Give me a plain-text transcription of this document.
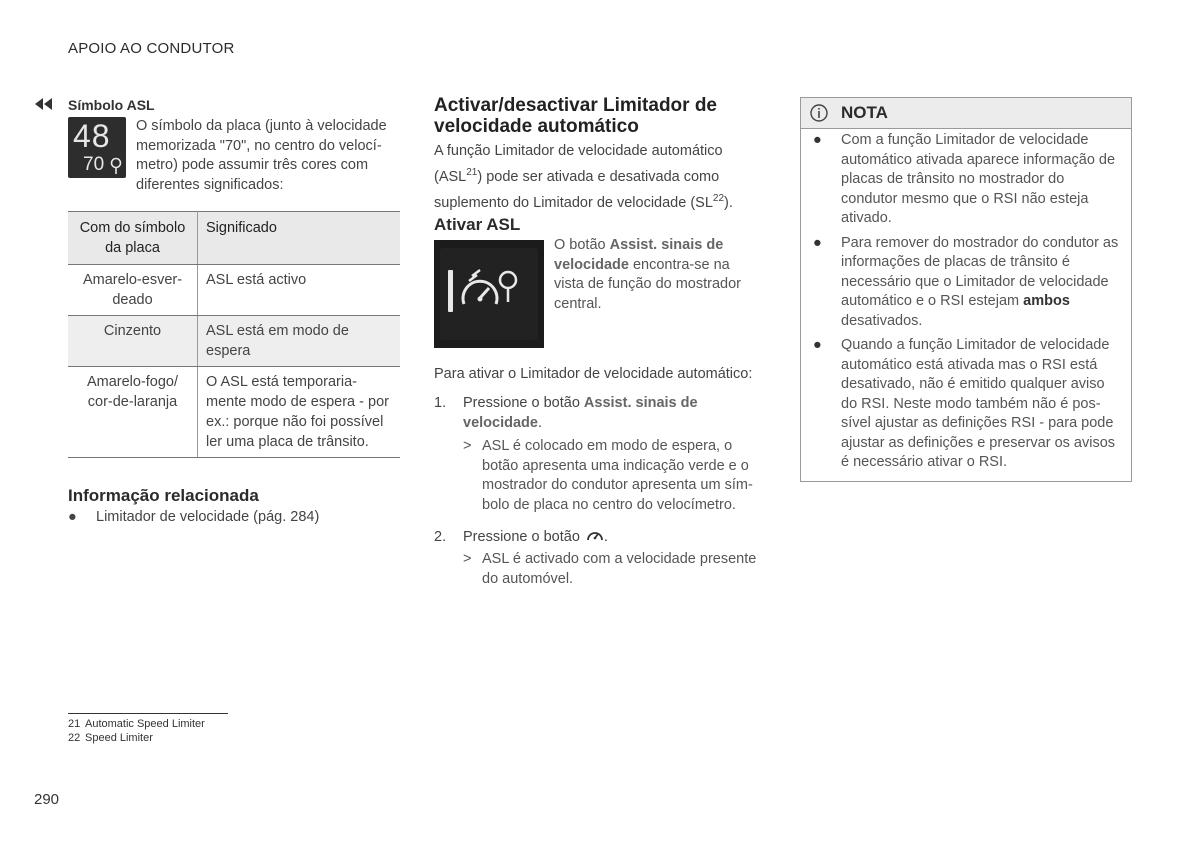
APOIO AO CONDUTOR
Símbolo ASL
48
70
O símbolo da placa (junto à velocidade memorizada "70", no centro do velocímetro) pode assumir três cores com diferentes significados:
Com do símbolo da placa	Significado
Amarelo-esverdeado	ASL está activo
Cinzento	ASL está em modo de espera
Amarelo-fogo/ cor-de-laranja	O ASL está temporariamente modo de espera - por ex.: porque não foi possível ler uma placa de trânsito.
Informação relacionada
● Limitador de velocidade (pág. 284)
Activar/desactivar Limitador de velocidade automático
A função Limitador de velocidade automático (ASL$^{21}$) pode ser ativada e desativada como suplemento do Limitador de velocidade (SL$^{22}$).
Ativar ASL
O botão Assist. sinais de velocidade encontra-se na vista de função do mostrador central.
Para ativar o Limitador de velocidade automático:
1. Pressione o botão Assist. sinais de velocidade.
> ASL é colocado em modo de espera, o botão apresenta uma indicação verde e o mostrador do condutor apresenta um símbolo de placa no centro do velocímetro.
2. Pressione o botão .
> ASL é activado com a velocidade presente do automóvel.
NOTA
● Com a função Limitador de velocidade automático ativada aparece informação de placas de trânsito no mostrador do condutor mesmo que o RSI não esteja ativado.
● Para remover do mostrador do condutor as informações de placas de trânsito é necessário que o Limitador de velocidade automático e o RSI estejam ambos desativados.
● Quando a função Limitador de velocidade automático está ativada mas o RSI está desativado, não é emitido qualquer aviso do RSI. Neste modo também não é possível ajustar as definições RSI - para pode ajustar as definições e preservar os avisos é necessário ativar o RSI.
21 Automatic Speed Limiter
22 Speed Limiter
290
